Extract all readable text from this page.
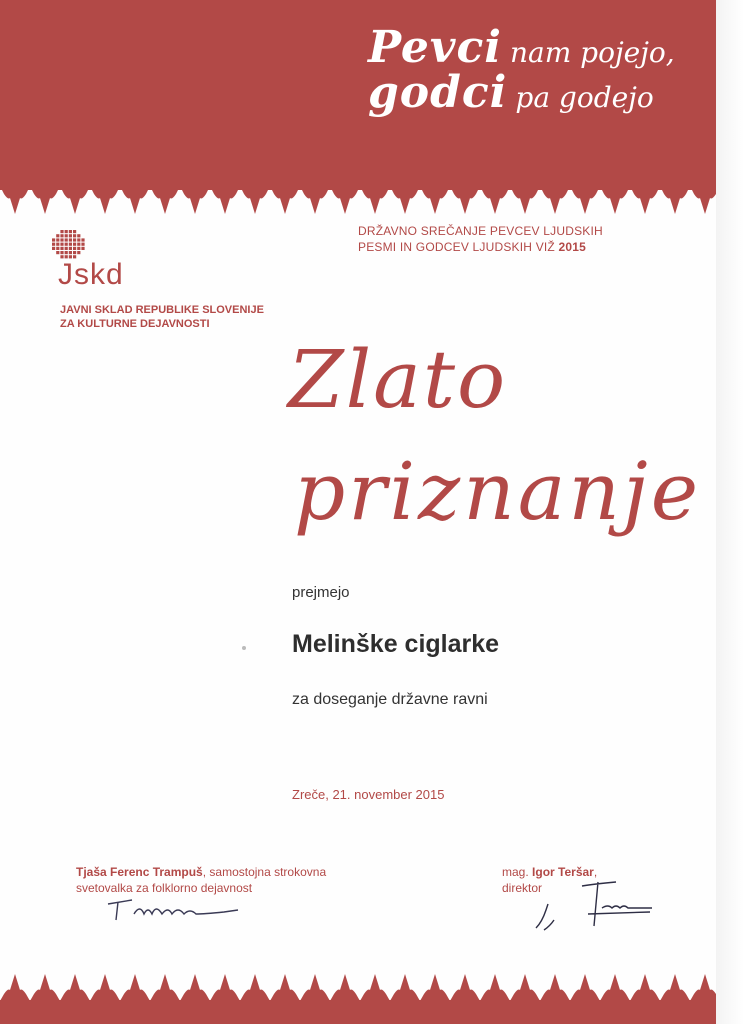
Pevci nam pojejo,
godci pa godejo
Jskd
JAVNI SKLAD REPUBLIKE SLOVENIJE
ZA KULTURNE DEJAVNOSTI
DRŽAVNO SREČANJE PEVCEV LJUDSKIH
PESMI IN GODCEV LJUDSKIH VIŽ 2015
Zlato
priznanje
prejmejo
Melinške ciglarke
za doseganje državne ravni
Zreče, 21. november 2015
Tjaša Ferenc Trampuš, samostojna strokovna
svetovalka za folklorno dejavnost
mag. Igor Teršar,
direktor
